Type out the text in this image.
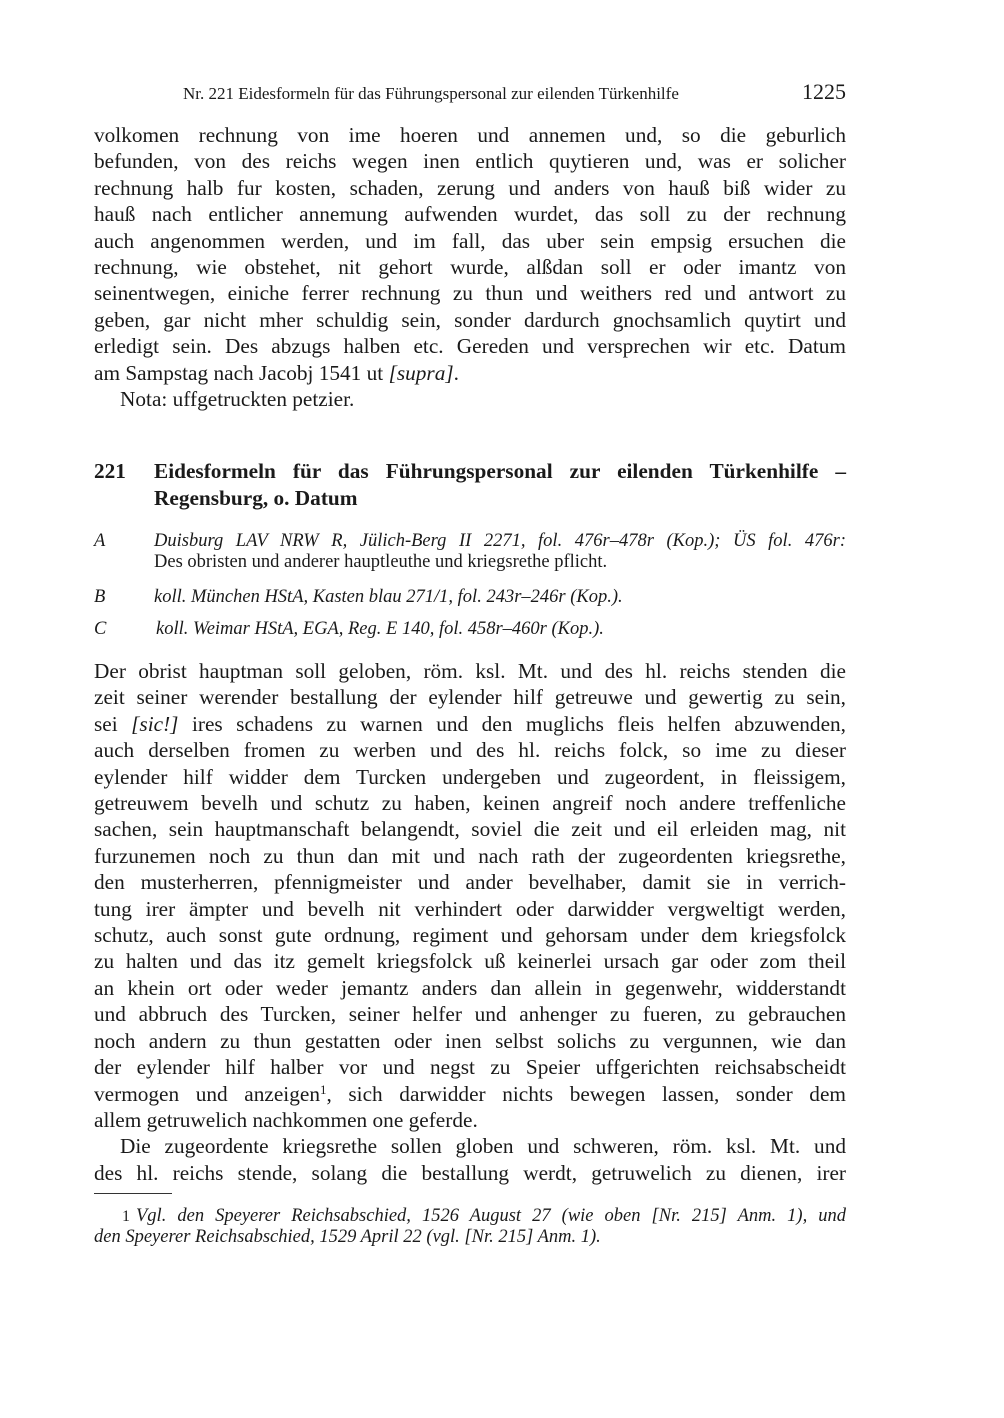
Nr. 221 Eidesformeln für das Führungspersonal zur eilenden Türkenhilfe	1225
volkomen rechnung von ime hoeren und annemen und, so die geburlich
befunden, von des reichs wegen inen entlich quytieren und, was er solicher
rechnung halb fur kosten, schaden, zerung und anders von hauß biß wider zu
hauß nach entlicher annemung aufwenden wurdet, das soll zu der rechnung
auch angenommen werden, und im fall, das uber sein empsig ersuchen die
rechnung, wie obstehet, nit gehort wurde, alßdan soll er oder imantz von
seinentwegen, einiche ferrer rechnung zu thun und weithers red und antwort zu
geben, gar nicht mher schuldig sein, sonder dardurch gnochsamlich quytirt und
erledigt sein. Des abzugs halben etc. Gereden und versprechen wir etc. Datum
am Sampstag nach Jacobj 1541 ut [supra].
Nota: uffgetruckten petzier.
221 Eidesformeln für das Führungspersonal zur eilenden Türkenhilfe –
Regensburg, o. Datum
A	Duisburg LAV NRW R, Jülich-Berg II 2271, fol. 476r–478r (Kop.); ÜS fol. 476r:
Des obristen und anderer hauptleuthe und kriegsrethe pflicht.
B	koll. München HStA, Kasten blau 271/1, fol. 243r–246r (Kop.).
C	koll. Weimar HStA, EGA, Reg. E 140, fol. 458r–460r (Kop.).
Der obrist hauptman soll geloben, röm. ksl. Mt. und des hl. reichs stenden die
zeit seiner werender bestallung der eylender hilf getreuwe und gewertig zu sein,
sei [sic!] ires schadens zu warnen und den muglichs fleis helfen abzuwenden,
auch derselben fromen zu werben und des hl. reichs folck, so ime zu dieser
eylender hilf widder dem Turcken undergeben und zugeordent, in fleissigem,
getreuwem bevelh und schutz zu haben, keinen angreif noch andere treffenliche
sachen, sein hauptmanschaft belangendt, soviel die zeit und eil erleiden mag, nit
furzunemen noch zu thun dan mit und nach rath der zugeordenten kriegsrethe,
den musterherren, pfennigmeister und ander bevelhaber, damit sie in verrich-
tung irer ämpter und bevelh nit verhindert oder darwidder vergweltigt werden,
schutz, auch sonst gute ordnung, regiment und gehorsam under dem kriegsfolck
zu halten und das itz gemelt kriegsfolck uß keinerlei ursach gar oder zom theil
an khein ort oder weder jemantz anders dan allein in gegenwehr, widderstandt
und abbruch des Turcken, seiner helfer und anhenger zu fueren, zu gebrauchen
noch andern zu thun gestatten oder inen selbst solichs zu vergunnen, wie dan
der eylender hilf halber vor und negst zu Speier uffgerichten reichsabscheidt
vermogen und anzeigen$^1$, sich darwidder nichts bewegen lassen, sonder dem
allem getruwelich nachkommen one geferde.
Die zugeordente kriegsrethe sollen globen und schweren, röm. ksl. Mt. und
des hl. reichs stende, solang die bestallung werdt, getruwelich zu dienen, irer
1 Vgl. den Speyerer Reichsabschied, 1526 August 27 (wie oben [Nr. 215] Anm. 1), und
den Speyerer Reichsabschied, 1529 April 22 (vgl. [Nr. 215] Anm. 1).
